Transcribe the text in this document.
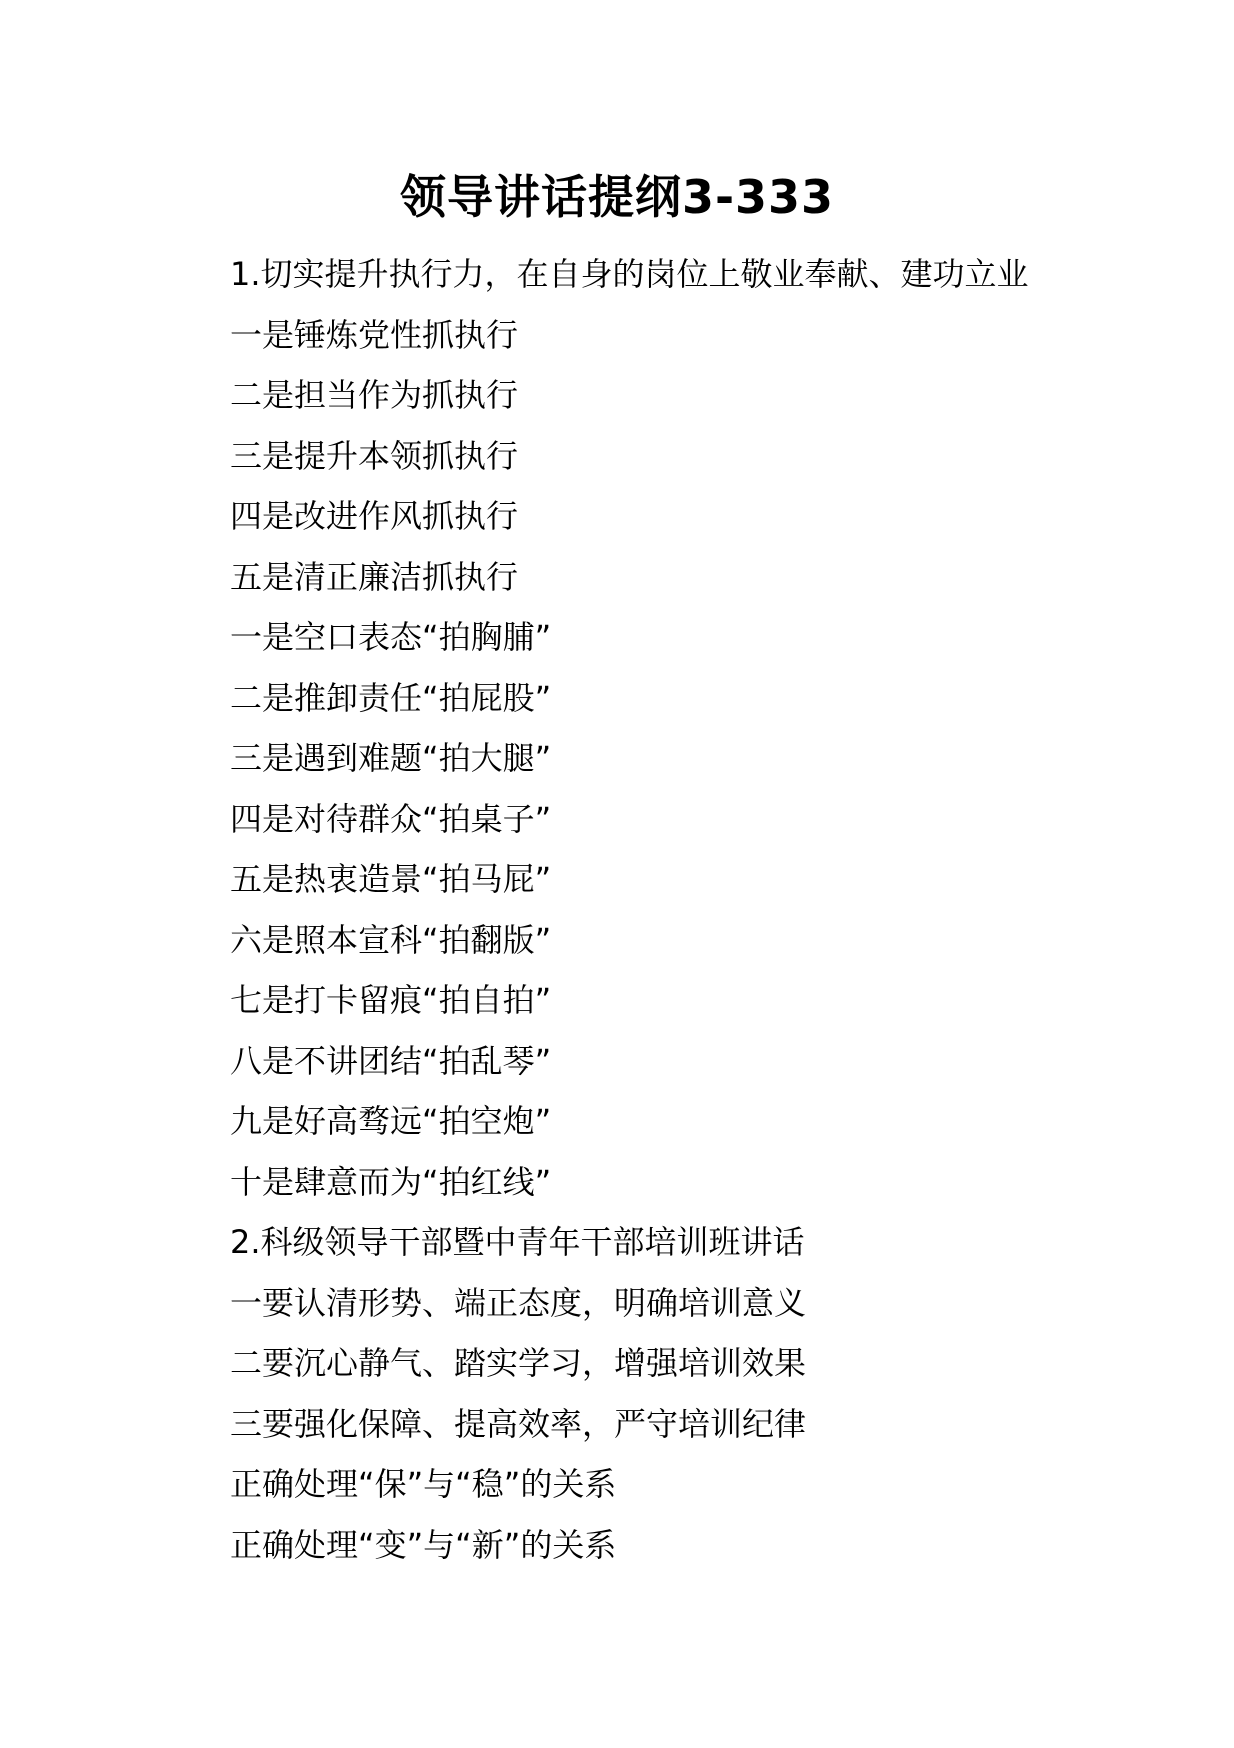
领导讲话提纲3-333
1.切实提升执行力，在自身的岗位上敬业奉献、建功立业
一是锤炼党性抓执行
二是担当作为抓执行
三是提升本领抓执行
四是改进作风抓执行
五是清正廉洁抓执行
一是空口表态“拍胸脯”
二是推卸责任“拍屁股”
三是遇到难题“拍大腿”
四是对待群众“拍桌子”
五是热衷造景“拍马屁”
六是照本宣科“拍翻版”
七是打卡留痕“拍自拍”
八是不讲团结“拍乱琴”
九是好高骛远“拍空炮”
十是肆意而为“拍红线”
2.科级领导干部暨中青年干部培训班讲话
一要认清形势、端正态度，明确培训意义
二要沉心静气、踏实学习，增强培训效果
三要强化保障、提高效率，严守培训纪律
正确处理“保”与“稳”的关系
正确处理“变”与“新”的关系
